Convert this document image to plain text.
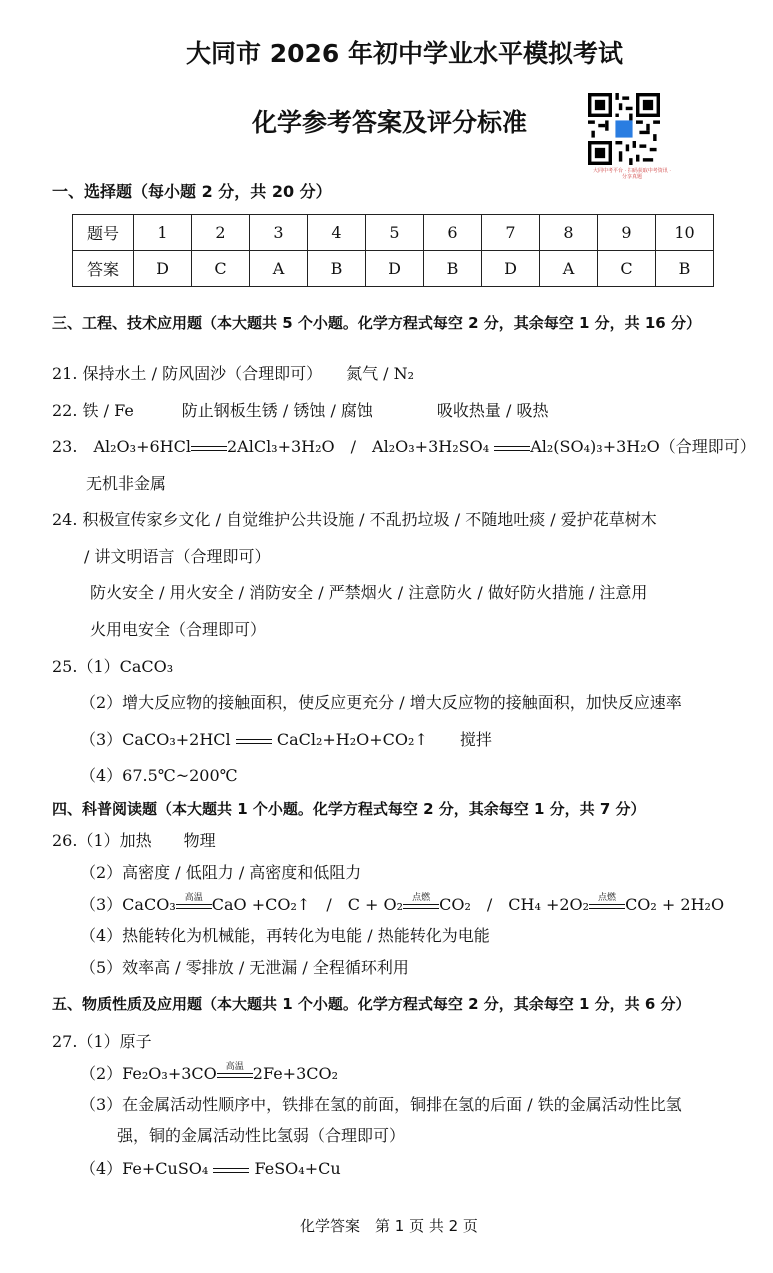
大同市 2026 年初中学业水平模拟考试
化学参考答案及评分标准
大同中考平台 · 扫码获取中考资讯 · 分享真题
一、选择题（每小题 2 分，共 20 分）
题号	1	2	3	4	5	6	7	8	9	10
答案	D	C	A	B	D	B	D	A	C	B
三、工程、技术应用题（本大题共 5 个小题。化学方程式每空 2 分，其余每空 1 分，共 16 分）
21. 保持水土 / 防风固沙（合理即可）　　氮气 / N₂
22. 铁 / Fe　　　防止钢板生锈 / 锈蚀 / 腐蚀　　　　吸收热量 / 吸热
23.　Al₂O₃+6HCl 2AlCl₃+3H₂O　/　Al₂O₃+3H₂SO₄	Al₂(SO₄)₃+3H₂O（合理即可）
无机非金属
24. 积极宣传家乡文化 / 自觉维护公共设施 / 不乱扔垃圾 / 不随地吐痰 / 爱护花草树木
/ 讲文明语言（合理即可）
防火安全 / 用火安全 / 消防安全 / 严禁烟火 / 注意防火 / 做好防火措施 / 注意用
火用电安全（合理即可）
25.（1）CaCO₃
（2）增大反应物的接触面积，使反应更充分 / 增大反应物的接触面积，加快反应速率
（3）CaCO₃+2HCl	CaCl₂+H₂O+CO₂↑　　搅拌
（4）67.5℃~200℃
四、科普阅读题（本大题共 1 个小题。化学方程式每空 2 分，其余每空 1 分，共 7 分）
26.（1）加热　　物理
（2）高密度 / 低阻力 / 高密度和低阻力
（3）CaCO₃ 高温 CaO +CO₂↑　/　C + O₂ 点燃 CO₂　/　CH₄ +2O₂ 点燃 CO₂ + 2H₂O
（4）热能转化为机械能，再转化为电能 / 热能转化为电能
（5）效率高 / 零排放 / 无泄漏 / 全程循环利用
五、物质性质及应用题（本大题共 1 个小题。化学方程式每空 2 分，其余每空 1 分，共 6 分）
27.（1）原子
（2）Fe₂O₃+3CO 高温 2Fe+3CO₂
（3）在金属活动性顺序中，铁排在氢的前面，铜排在氢的后面 / 铁的金属活动性比氢
强，铜的金属活动性比氢弱（合理即可）
（4）Fe+CuSO₄	FeSO₄+Cu
化学答案　第 1 页 共 2 页
